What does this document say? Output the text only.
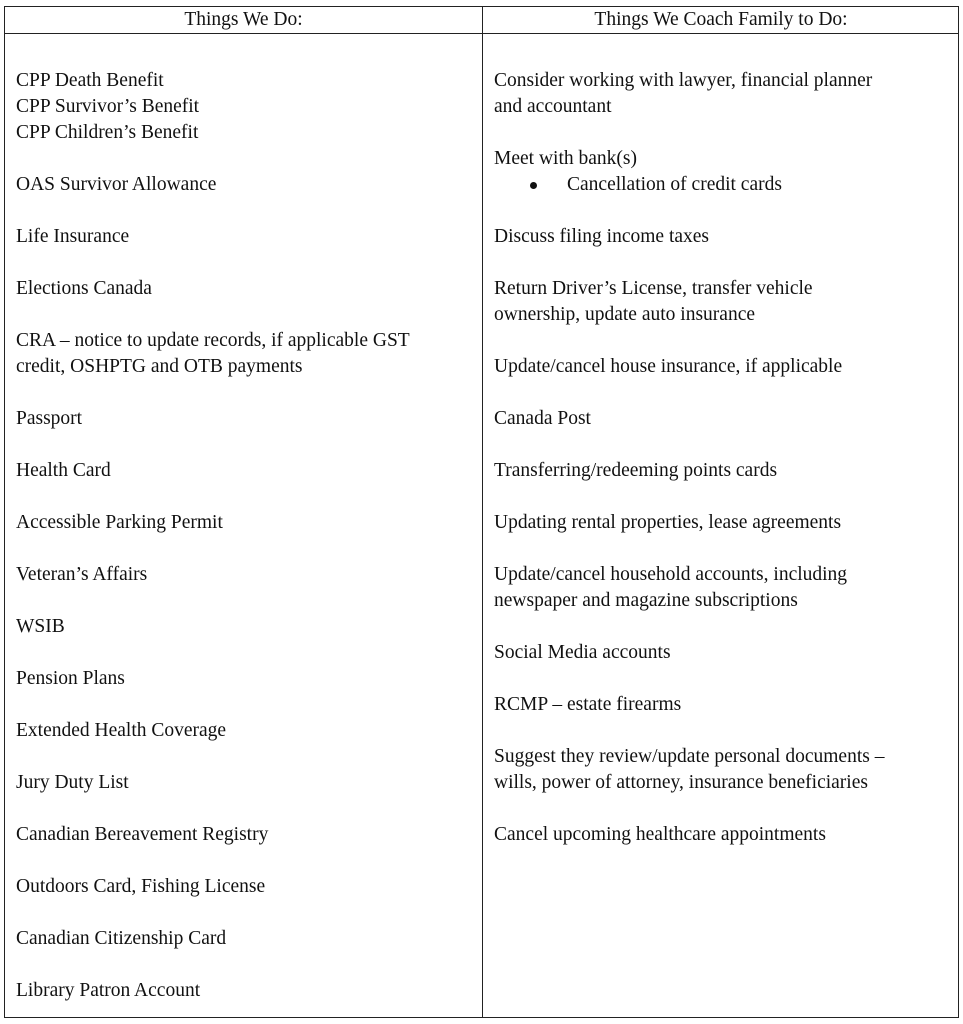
Things We Do:	Things We Coach Family to Do:
CPP Death Benefit
CPP Survivor’s Benefit
CPP Children’s Benefit
OAS Survivor Allowance
Life Insurance
Elections Canada
CRA – notice to update records, if applicable GST
credit, OSHPTG and OTB payments
Passport
Health Card
Accessible Parking Permit
Veteran’s Affairs
WSIB
Pension Plans
Extended Health Coverage
Jury Duty List
Canadian Bereavement Registry
Outdoors Card, Fishing License
Canadian Citizenship Card
Library Patron Account
Consider working with lawyer, financial planner
and accountant
Meet with bank(s)
Cancellation of credit cards
Discuss filing income taxes
Return Driver’s License, transfer vehicle
ownership, update auto insurance
Update/cancel house insurance, if applicable
Canada Post
Transferring/redeeming points cards
Updating rental properties, lease agreements
Update/cancel household accounts, including
newspaper and magazine subscriptions
Social Media accounts
RCMP – estate firearms
Suggest they review/update personal documents –
wills, power of attorney, insurance beneficiaries
Cancel upcoming healthcare appointments
